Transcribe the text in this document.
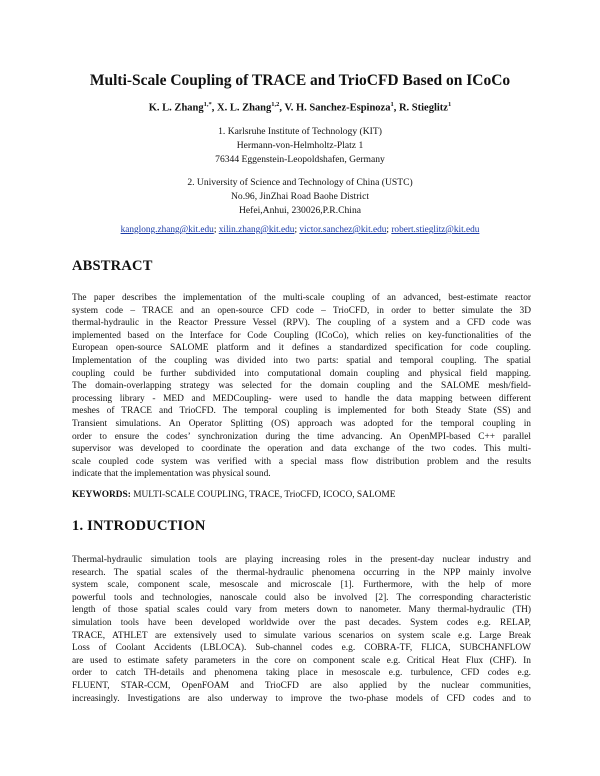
Multi-Scale Coupling of TRACE and TrioCFD Based on ICoCo
K. L. Zhang$^{1,*}$, X. L. Zhang$^{1,2}$, V. H. Sanchez-Espinoza$^1$, R. Stieglitz$^1$
1. Karlsruhe Institute of Technology (KIT)
Hermann-von-Helmholtz-Platz 1
76344 Eggenstein-Leopoldshafen, Germany
2. University of Science and Technology of China (USTC)
No.96, JinZhai Road Baohe District
Hefei,Anhui, 230026,P.R.China
kanglong.zhang@kit.edu; xilin.zhang@kit.edu; victor.sanchez@kit.edu; robert.stieglitz@kit.edu
ABSTRACT
The paper describes the implementation of the multi-scale coupling of an advanced, best-estimate reactor
system code – TRACE and an open-source CFD code – TrioCFD, in order to better simulate the 3D
thermal-hydraulic in the Reactor Pressure Vessel (RPV). The coupling of a system and a CFD code was
implemented based on the Interface for Code Coupling (ICoCo), which relies on key-functionalities of the
European open-source SALOME platform and it defines a standardized specification for code coupling.
Implementation of the coupling was divided into two parts: spatial and temporal coupling. The spatial
coupling could be further subdivided into computational domain coupling and physical field mapping.
The domain-overlapping strategy was selected for the domain coupling and the SALOME mesh/field-
processing library - MED and MEDCoupling- were used to handle the data mapping between different
meshes of TRACE and TrioCFD. The temporal coupling is implemented for both Steady State (SS) and
Transient simulations. An Operator Splitting (OS) approach was adopted for the temporal coupling in
order to ensure the codes’ synchronization during the time advancing. An OpenMPI-based C++ parallel
supervisor was developed to coordinate the operation and data exchange of the two codes. This multi-
scale coupled code system was verified with a special mass flow distribution problem and the results
indicate that the implementation was physical sound.
KEYWORDS: MULTI-SCALE COUPLING, TRACE, TrioCFD, ICOCO, SALOME
1. INTRODUCTION
Thermal-hydraulic simulation tools are playing increasing roles in the present-day nuclear industry and
research. The spatial scales of the thermal-hydraulic phenomena occurring in the NPP mainly involve
system scale, component scale, mesoscale and microscale [1]. Furthermore, with the help of more
powerful tools and technologies, nanoscale could also be involved [2]. The corresponding characteristic
length of those spatial scales could vary from meters down to nanometer. Many thermal-hydraulic (TH)
simulation tools have been developed worldwide over the past decades. System codes e.g. RELAP,
TRACE, ATHLET are extensively used to simulate various scenarios on system scale e.g. Large Break
Loss of Coolant Accidents (LBLOCA). Sub-channel codes e.g. COBRA-TF, FLICA, SUBCHANFLOW
are used to estimate safety parameters in the core on component scale e.g. Critical Heat Flux (CHF). In
order to catch TH-details and phenomena taking place in mesoscale e.g. turbulence, CFD codes e.g.
FLUENT, STAR-CCM, OpenFOAM and TrioCFD are also applied by the nuclear communities,
increasingly. Investigations are also underway to improve the two-phase models of CFD codes and to
